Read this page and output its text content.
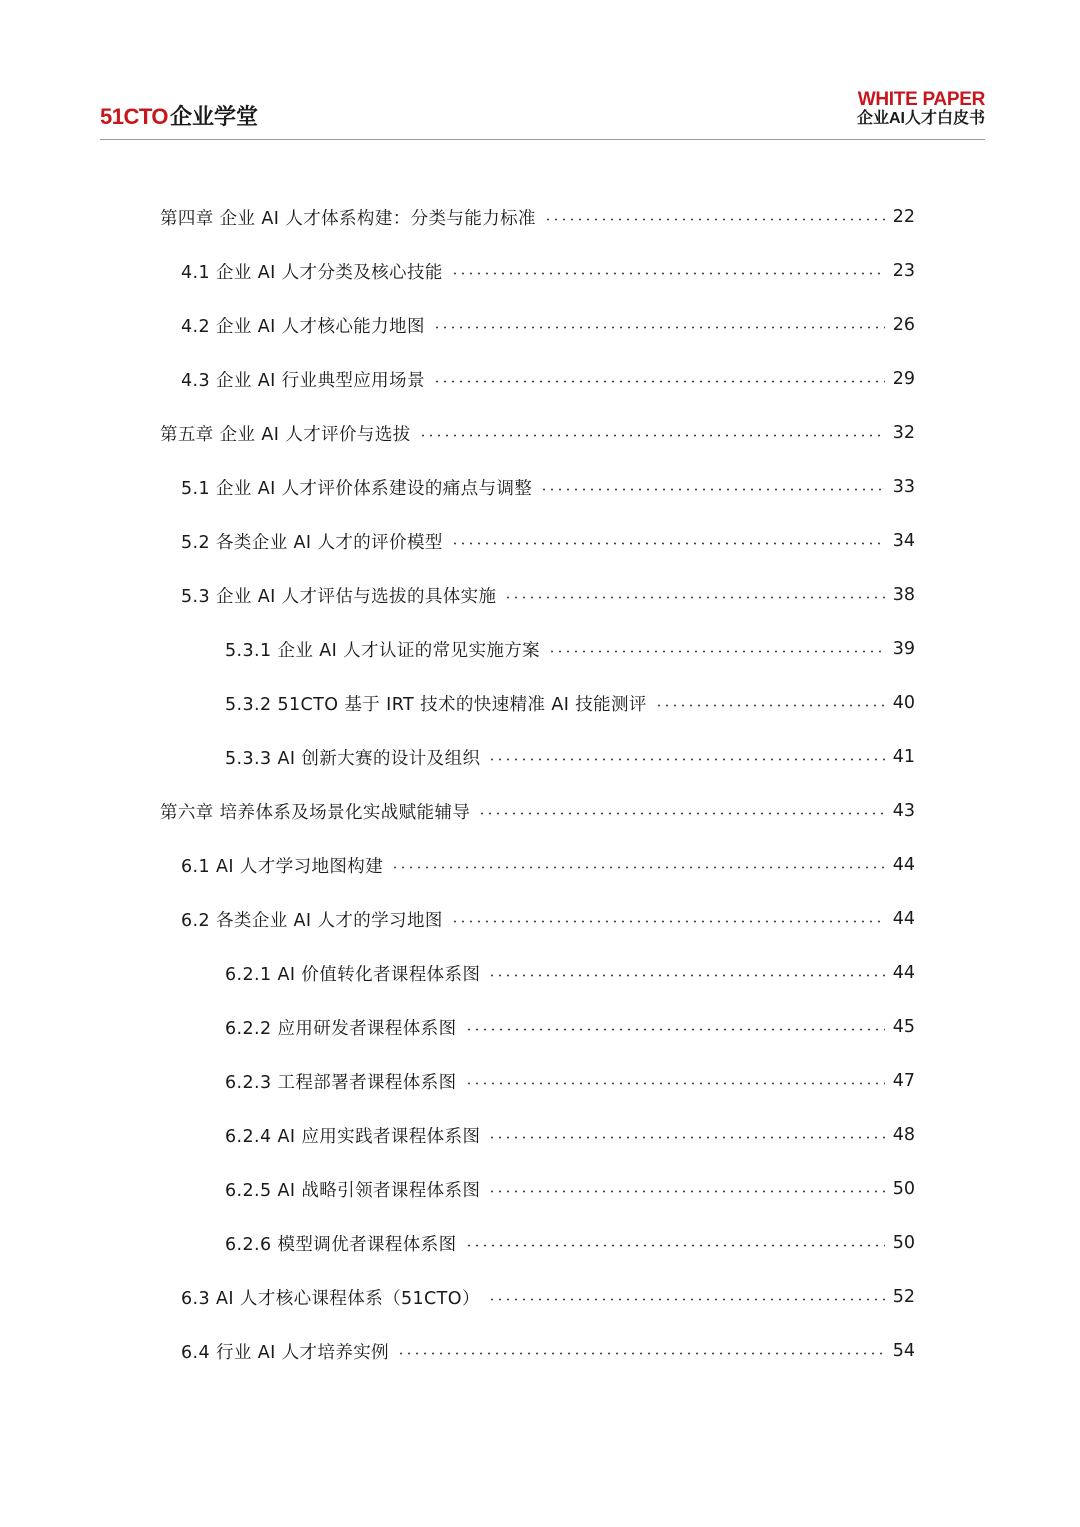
51CTO企业学堂
WHITE PAPER
企业AI人才白皮书
第四章 企业 AI 人才体系构建：分类与能力标准	22
4.1 企业 AI 人才分类及核心技能	23
4.2 企业 AI 人才核心能力地图	26
4.3 企业 AI 行业典型应用场景	29
第五章 企业 AI 人才评价与选拔	32
5.1 企业 AI 人才评价体系建设的痛点与调整	33
5.2 各类企业 AI 人才的评价模型	34
5.3 企业 AI 人才评估与选拔的具体实施	38
5.3.1 企业 AI 人才认证的常见实施方案	39
5.3.2 51CTO 基于 IRT 技术的快速精准 AI 技能测评	40
5.3.3 AI 创新大赛的设计及组织	41
第六章 培养体系及场景化实战赋能辅导	43
6.1 AI 人才学习地图构建	44
6.2 各类企业 AI 人才的学习地图	44
6.2.1 AI 价值转化者课程体系图	44
6.2.2 应用研发者课程体系图	45
6.2.3 工程部署者课程体系图	47
6.2.4 AI 应用实践者课程体系图	48
6.2.5 AI 战略引领者课程体系图	50
6.2.6 模型调优者课程体系图	50
6.3 AI 人才核心课程体系（51CTO）	52
6.4 行业 AI 人才培养实例	54
